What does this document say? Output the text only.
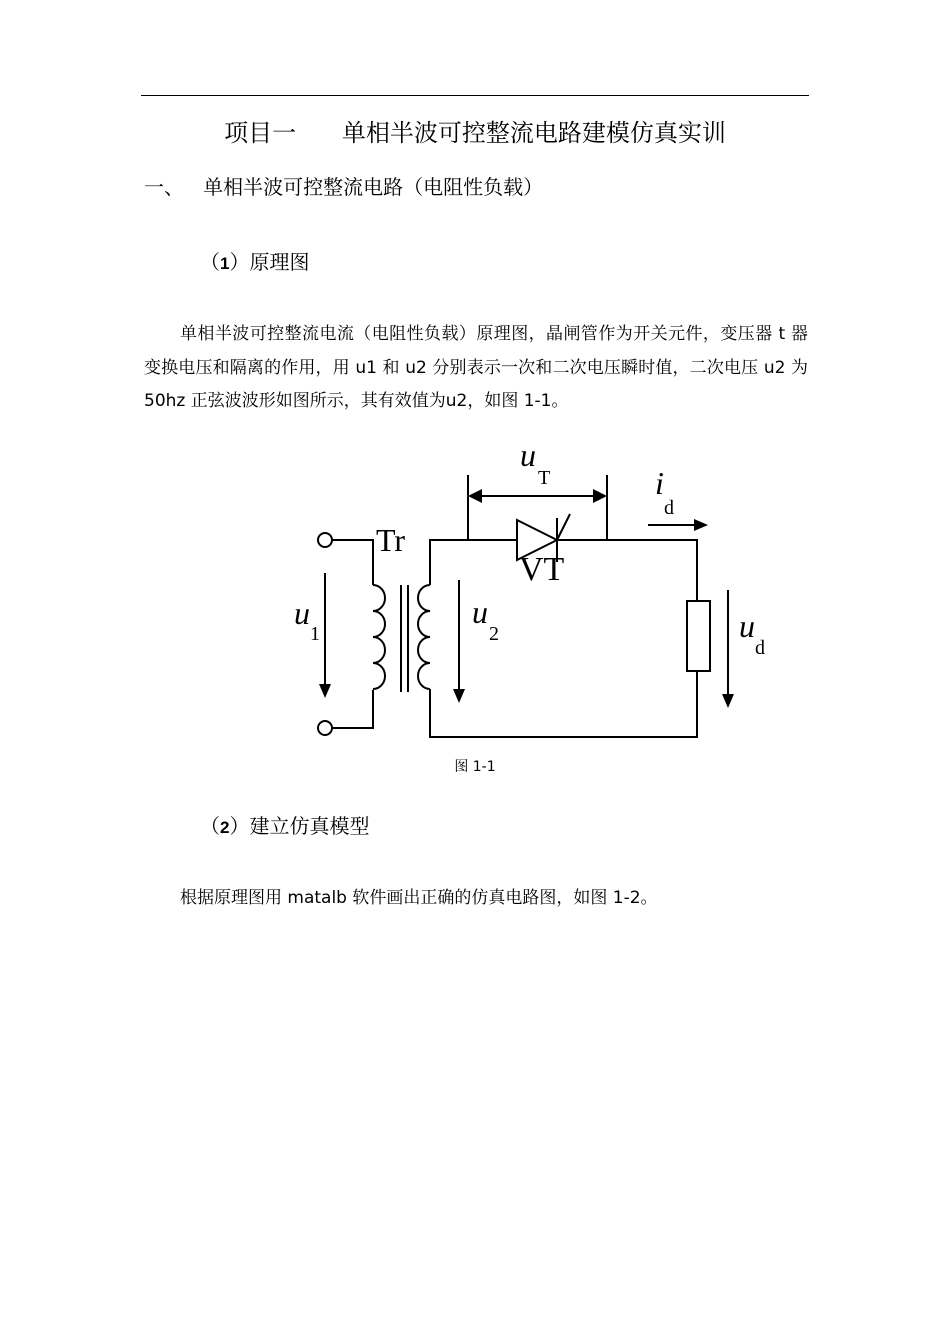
项目一      单相半波可控整流电路建模仿真实训
一、   单相半波可控整流电路（电阻性负载）
（1）原理图
单相半波可控整流电流（电阻性负载）原理图，晶闸管作为开关元件，变压器 t 器变换电压和隔离的作用，用 u1 和 u2 分别表示一次和二次电压瞬时值，二次电压 u2 为 50hz 正弦波波形如图所示，其有效值为u2，如图 1-1。
Tr
VT
u
1
u
2
u
T	i
d
u
d
图 1-1
（2）建立仿真模型
根据原理图用 matalb 软件画出正确的仿真电路图，如图 1-2。
